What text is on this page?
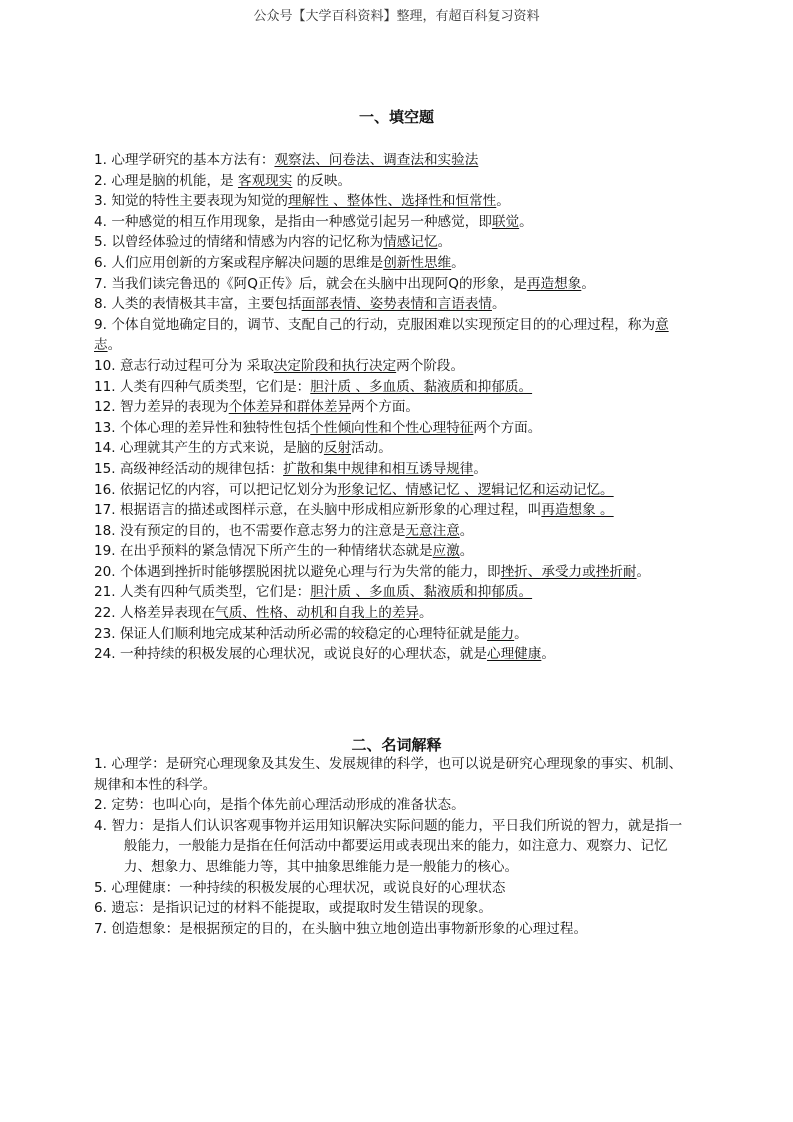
公众号【大学百科资料】整理，有超百科复习资料
一、填空题
1. 心理学研究的基本方法有：观察法、问卷法、调查法和实验法
2. 心理是脑的机能，是 客观现实 的反映。
3. 知觉的特性主要表现为知觉的理解性 、整体性、选择性和恒常性。
4. 一种感觉的相互作用现象，是指由一种感觉引起另一种感觉，即联觉。
5. 以曾经体验过的情绪和情感为内容的记忆称为情感记忆。
6. 人们应用创新的方案或程序解决问题的思维是创新性思维。
7. 当我们读完鲁迅的《阿Q正传》后，就会在头脑中出现阿Q的形象，是再造想象。
8. 人类的表情极其丰富，主要包括面部表情、姿势表情和言语表情。
9. 个体自觉地确定目的，调节、支配自己的行动，克服困难以实现预定目的的心理过程，称为意志。
10. 意志行动过程可分为 采取决定阶段和执行决定两个阶段。
11. 人类有四种气质类型，它们是：胆汁质 、多血质、黏液质和抑郁质。
12. 智力差异的表现为个体差异和群体差异两个方面。
13. 个体心理的差异性和独特性包括个性倾向性和个性心理特征两个方面。
14. 心理就其产生的方式来说，是脑的反射活动。
15. 高级神经活动的规律包括：扩散和集中规律和相互诱导规律。
16. 依据记忆的内容，可以把记忆划分为形象记忆、情感记忆 、逻辑记忆和运动记忆。
17. 根据语言的描述或图样示意，在头脑中形成相应新形象的心理过程，叫再造想象 。
18. 没有预定的目的，也不需要作意志努力的注意是无意注意。
19. 在出乎预料的紧急情况下所产生的一种情绪状态就是应激。
20. 个体遇到挫折时能够摆脱困扰以避免心理与行为失常的能力，即挫折、承受力或挫折耐。
21. 人类有四种气质类型，它们是：胆汁质 、多血质、黏液质和抑郁质。
22. 人格差异表现在气质、性格、动机和自我上的差异。
23. 保证人们顺利地完成某种活动所必需的较稳定的心理特征就是能力。
24. 一种持续的积极发展的心理状况，或说良好的心理状态，就是心理健康。
二、名词解释
1. 心理学：是研究心理现象及其发生、发展规律的科学，也可以说是研究心理现象的事实、机制、规律和本性的科学。
2. 定势：也叫心向，是指个体先前心理活动形成的准备状态。
4. 智力：是指人们认识客观事物并运用知识解决实际问题的能力，平日我们所说的智力，就是指一般能力，一般能力是指在任何活动中都要运用或表现出来的能力，如注意力、观察力、记忆力、想象力、思维能力等，其中抽象思维能力是一般能力的核心。
5. 心理健康：一种持续的积极发展的心理状况，或说良好的心理状态
6. 遗忘：是指识记过的材料不能提取，或提取时发生错误的现象。
7. 创造想象：是根据预定的目的，在头脑中独立地创造出事物新形象的心理过程。
